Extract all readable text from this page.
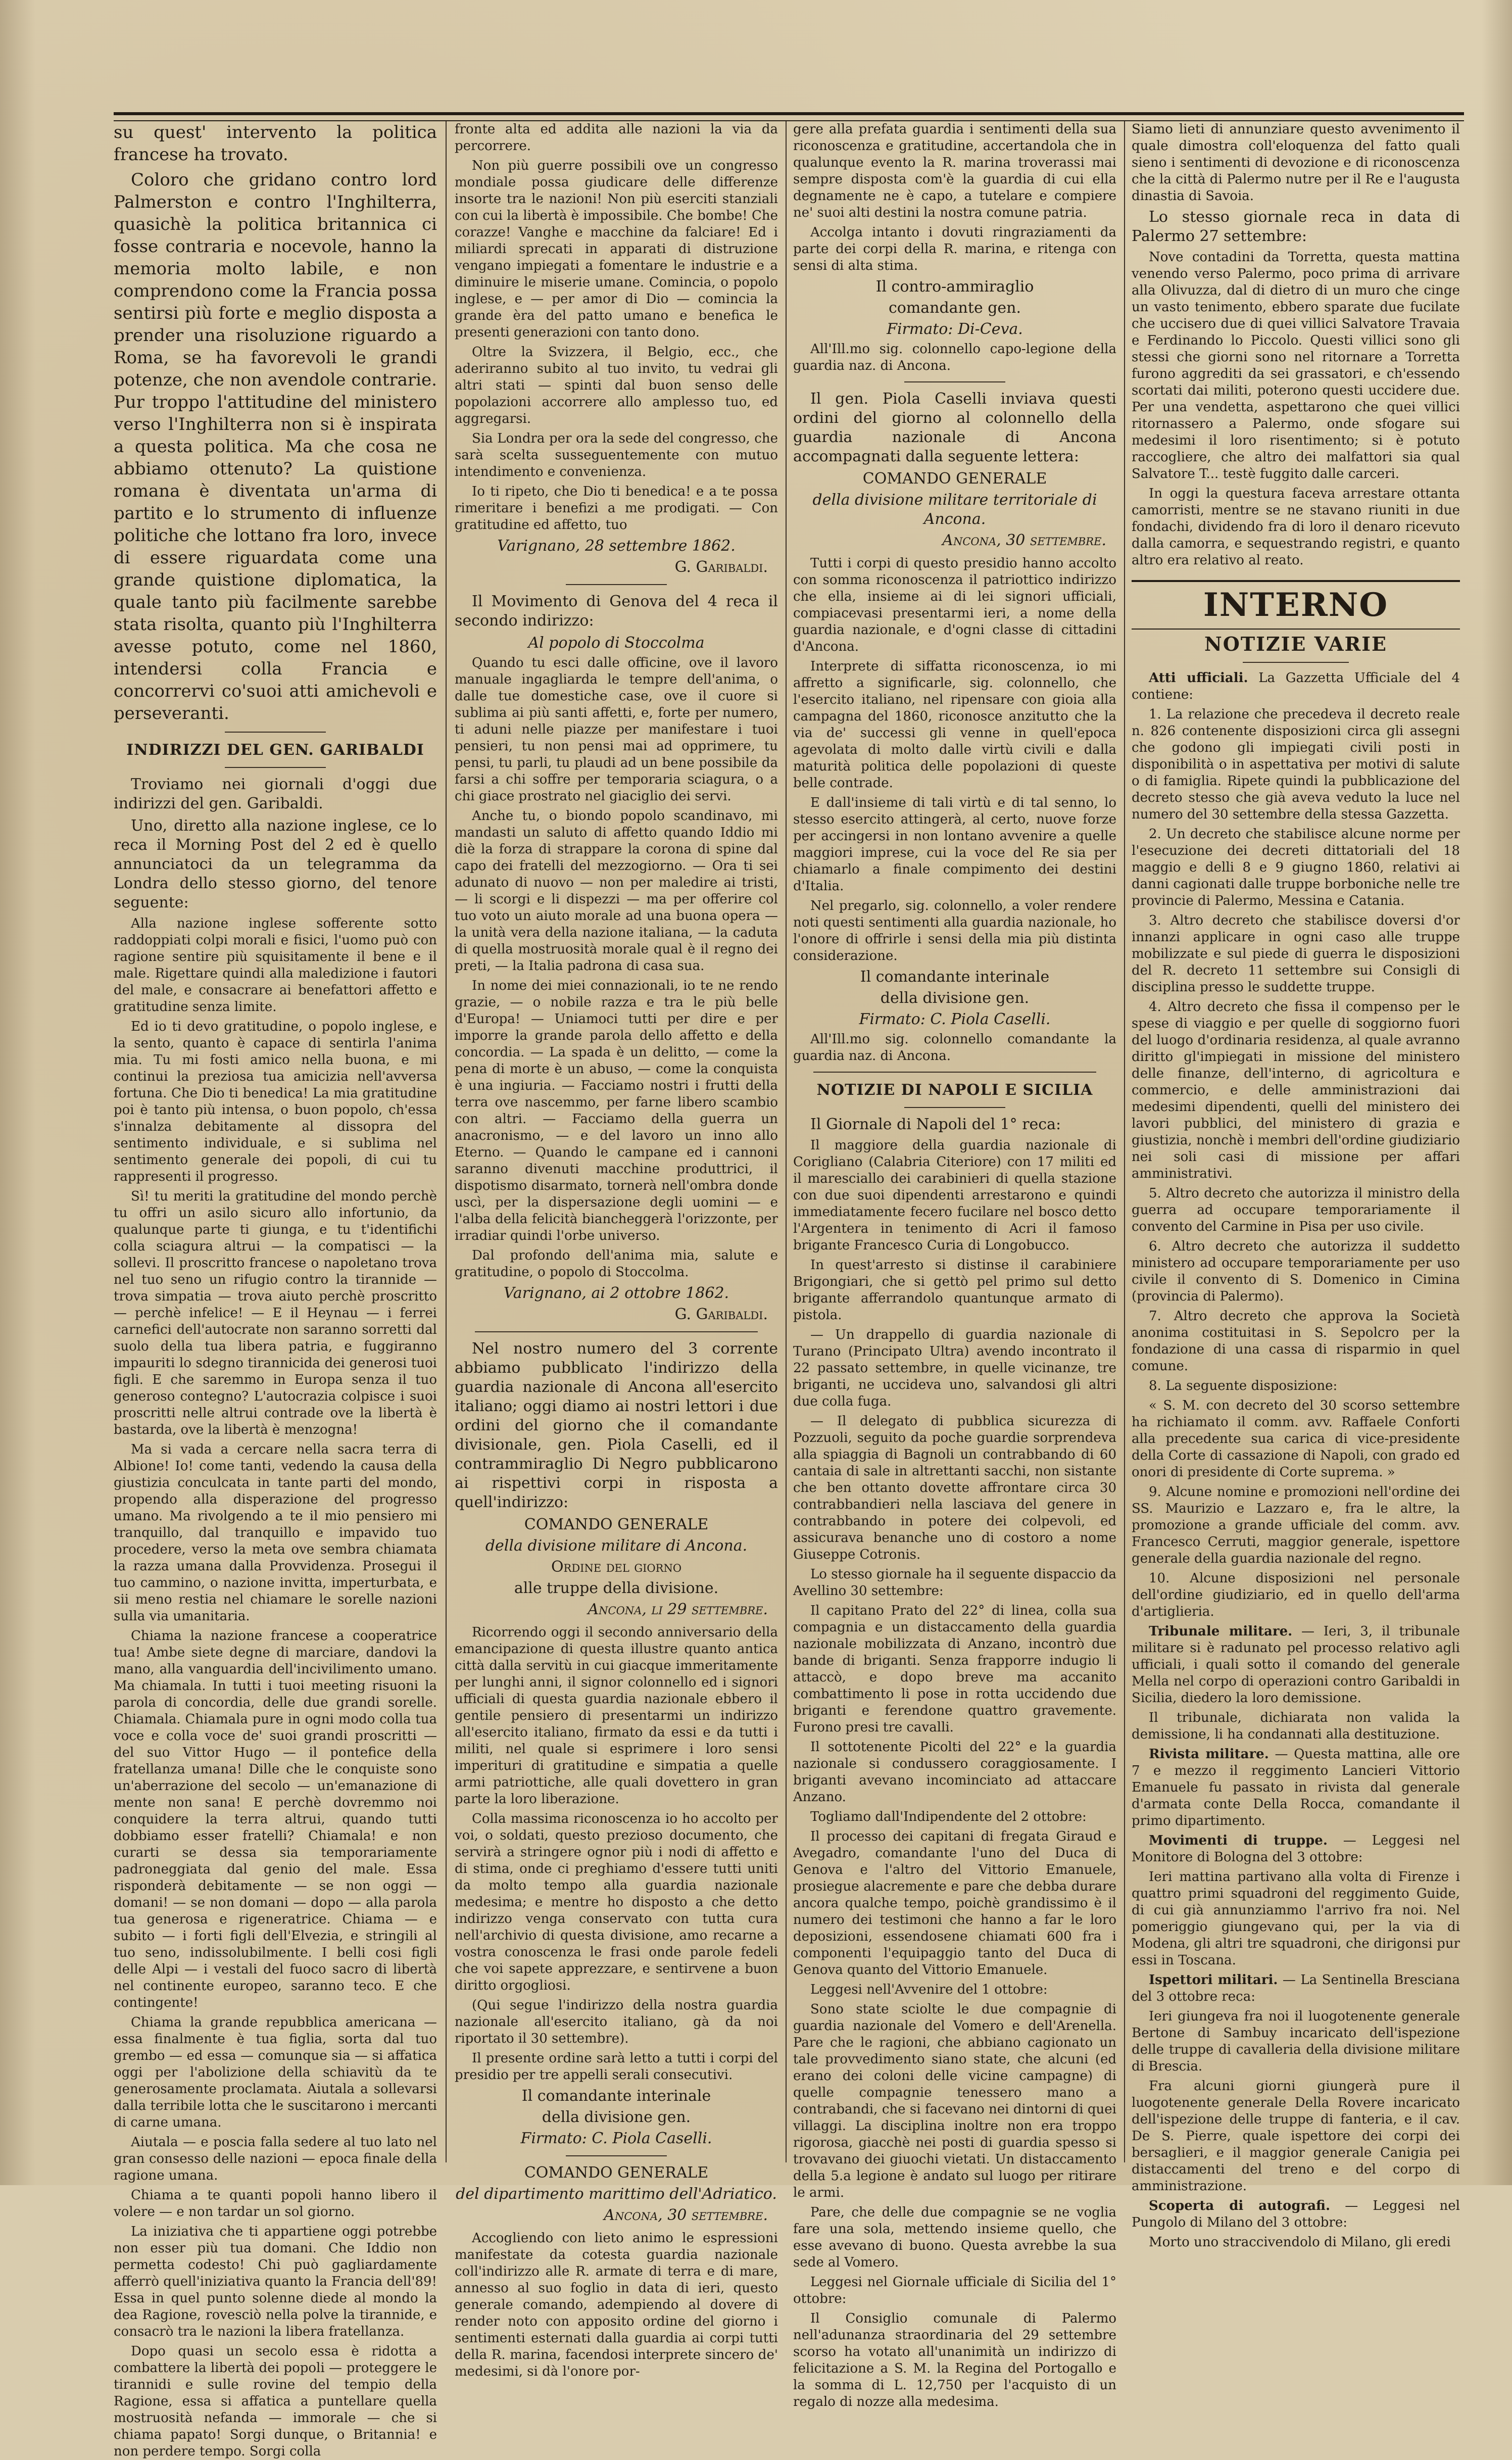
su quest' intervento la politica francese ha trovato.

Coloro che gridano contro lord Palmerston e contro l'Inghilterra, quasichè la politica britannica ci fosse contraria e nocevole, hanno la memoria molto labile, e non comprendono come la Francia possa sentirsi più forte e meglio disposta a prender una risoluzione riguardo a Roma, se ha favorevoli le grandi potenze, che non avendole contrarie. Pur troppo l'attitudine del ministero verso l'Inghilterra non si è inspirata a questa politica. Ma che cosa ne abbiamo ottenuto? La quistione romana è diventata un'arma di partito e lo strumento di influenze politiche che lottano fra loro, invece di essere riguardata come una grande quistione diplomatica, la quale tanto più facilmente sarebbe stata risolta, quanto più l'Inghilterra avesse potuto, come nel 1860, intendersi colla Francia e concorrervi co'suoi atti amichevoli e perseveranti.

INDIRIZZI DEL GEN. GARIBALDI

Troviamo nei giornali d'oggi due indirizzi del gen. Garibaldi.

Uno, diretto alla nazione inglese, ce lo reca il Morning Post del 2 ed è quello annunciatoci da un telegramma da Londra dello stesso giorno, del tenore seguente:

Alla nazione inglese sofferente sotto raddoppiati colpi morali e fisici, l'uomo può con ragione sentire più squisitamente il bene e il male. Rigettare quindi alla maledizione i fautori del male, e consacrare ai benefattori affetto e gratitudine senza limite.

Ed io ti devo gratitudine, o popolo inglese, e la sento, quanto è capace di sentirla l'anima mia. Tu mi fosti amico nella buona, e mi continui la preziosa tua amicizia nell'avversa fortuna. Che Dio ti benedica! La mia gratitudine poi è tanto più intensa, o buon popolo, ch'essa s'innalza debitamente al dissopra del sentimento individuale, e si sublima nel sentimento generale dei popoli, di cui tu rappresenti il progresso.

Sì! tu meriti la gratitudine del mondo perchè tu offri un asilo sicuro allo infortunio, da qualunque parte ti giunga, e tu t'identifichi colla sciagura altrui — la compatisci — la sollevi. Il proscritto francese o napoletano trova nel tuo seno un rifugio contro la tirannide — trova simpatia — trova aiuto perchè proscritto — perchè infelice! — E il Heynau — i ferrei carnefici dell'autocrate non saranno sorretti dal suolo della tua libera patria, e fuggiranno impauriti lo sdegno tirannicida dei generosi tuoi figli. E che saremmo in Europa senza il tuo generoso contegno? L'autocrazia colpisce i suoi proscritti nelle altrui contrade ove la libertà è bastarda, ove la libertà è menzogna!

Ma si vada a cercare nella sacra terra di Albione! Io! come tanti, vedendo la causa della giustizia conculcata in tante parti del mondo, propendo alla disperazione del progresso umano. Ma rivolgendo a te il mio pensiero mi tranquillo, dal tranquillo e impavido tuo procedere, verso la meta ove sembra chiamata la razza umana dalla Provvidenza. Prosegui il tuo cammino, o nazione invitta, imperturbata, e sii meno restia nel chiamare le sorelle nazioni sulla via umanitaria.

Chiama la nazione francese a cooperatrice tua! Ambe siete degne di marciare, dandovi la mano, alla vanguardia dell'incivilimento umano. Ma chiamala. In tutti i tuoi meeting risuoni la parola di concordia, delle due grandi sorelle. Chiamala. Chiamala pure in ogni modo colla tua voce e colla voce de' suoi grandi proscritti — del suo Vittor Hugo — il pontefice della fratellanza umana! Dille che le conquiste sono un'aberrazione del secolo — un'emanazione di mente non sana! E perchè dovremmo noi conquidere la terra altrui, quando tutti dobbiamo esser fratelli? Chiamala! e non curarti se dessa sia temporariamente padroneggiata dal genio del male. Essa risponderà debitamente — se non oggi — domani! — se non domani — dopo — alla parola tua generosa e rigeneratrice. Chiama — e subito — i forti figli dell'Elvezia, e stringili al tuo seno, indissolubilmente. I belli cosi figli delle Alpi — i vestali del fuoco sacro di libertà nel continente europeo, saranno teco. E che contingente!

Chiama la grande repubblica americana — essa finalmente è tua figlia, sorta dal tuo grembo — ed essa — comunque sia — si affatica oggi per l'abolizione della schiavitù da te generosamente proclamata. Aiutala a sollevarsi dalla terribile lotta che le suscitarono i mercanti di carne umana.

Aiutala — e poscia falla sedere al tuo lato nel gran consesso delle nazioni — epoca finale della ragione umana.

Chiama a te quanti popoli hanno libero il volere — e non tardar un sol giorno.

La iniziativa che ti appartiene oggi potrebbe non esser più tua domani. Che Iddio non permetta codesto! Chi può gagliardamente afferrò quell'iniziativa quanto la Francia dell'89! Essa in quel punto solenne diede al mondo la dea Ragione, rovesciò nella polve la tirannide, e consacrò tra le nazioni la libera fratellanza.

Dopo quasi un secolo essa è ridotta a combattere la libertà dei popoli — proteggere le tirannidi e sulle rovine del tempio della Ragione, essa si affatica a puntellare quella mostruosità nefanda — immorale — che si chiama papato! Sorgi dunque, o Britannia! e non perdere tempo. Sorgi colla

fronte alta ed addita alle nazioni la via da percorrere.

Non più guerre possibili ove un congresso mondiale possa giudicare delle differenze insorte tra le nazioni! Non più eserciti stanziali con cui la libertà è impossibile. Che bombe! Che corazze! Vanghe e macchine da falciare! Ed i miliardi sprecati in apparati di distruzione vengano impiegati a fomentare le industrie e a diminuire le miserie umane. Comincia, o popolo inglese, e — per amor di Dio — comincia la grande èra del patto umano e benefica le presenti generazioni con tanto dono.

Oltre la Svizzera, il Belgio, ecc., che aderiranno subito al tuo invito, tu vedrai gli altri stati — spinti dal buon senso delle popolazioni accorrere allo amplesso tuo, ed aggregarsi.

Sia Londra per ora la sede del congresso, che sarà scelta susseguentemente con mutuo intendimento e convenienza.

Io ti ripeto, che Dio ti benedica! e a te possa rimeritare i benefizi a me prodigati. — Con gratitudine ed affetto, tuo

Varignano, 28 settembre 1862.
G. Garibaldi.

Il Movimento di Genova del 4 reca il secondo indirizzo:

Al popolo di Stoccolma

Quando tu esci dalle officine, ove il lavoro manuale ingagliarda le tempre dell'anima, o dalle tue domestiche case, ove il cuore si sublima ai più santi affetti, e, forte per numero, ti aduni nelle piazze per manifestare i tuoi pensieri, tu non pensi mai ad opprimere, tu pensi, tu parli, tu plaudi ad un bene possibile da farsi a chi soffre per temporaria sciagura, o a chi giace prostrato nel giaciglio dei servi.

Anche tu, o biondo popolo scandinavo, mi mandasti un saluto di affetto quando Iddio mi diè la forza di strappare la corona di spine dal capo dei fratelli del mezzogiorno. — Ora ti sei adunato di nuovo — non per maledire ai tristi, — li scorgi e li dispezzi — ma per offerire col tuo voto un aiuto morale ad una buona opera — la unità vera della nazione italiana, — la caduta di quella mostruosità morale qual è il regno dei preti, — la Italia padrona di casa sua.

In nome dei miei connazionali, io te ne rendo grazie, — o nobile razza e tra le più belle d'Europa! — Uniamoci tutti per dire e per imporre la grande parola dello affetto e della concordia. — La spada è un delitto, — come la pena di morte è un abuso, — come la conquista è una ingiuria. — Facciamo nostri i frutti della terra ove nascemmo, per farne libero scambio con altri. — Facciamo della guerra un anacronismo, — e del lavoro un inno allo Eterno. — Quando le campane ed i cannoni saranno divenuti macchine produttrici, il dispotismo disarmato, tornerà nell'ombra donde uscì, per la dispersazione degli uomini — e l'alba della felicità biancheggerà l'orizzonte, per irradiar quindi l'orbe universo.

Dal profondo dell'anima mia, salute e gratitudine, o popolo di Stoccolma.

Varignano, ai 2 ottobre 1862.
G. Garibaldi.

Nel nostro numero del 3 corrente abbiamo pubblicato l'indirizzo della guardia nazionale di Ancona all'esercito italiano; oggi diamo ai nostri lettori i due ordini del giorno che il comandante divisionale, gen. Piola Caselli, ed il contrammiraglio Di Negro pubblicarono ai rispettivi corpi in risposta a quell'indirizzo:

COMANDO GENERALE
della divisione militare di Ancona.
Ordine del giorno
alle truppe della divisione.
Ancona, li 29 settembre.

Ricorrendo oggi il secondo anniversario della emancipazione di questa illustre quanto antica città dalla servitù in cui giacque immeritamente per lunghi anni, il signor colonnello ed i signori ufficiali di questa guardia nazionale ebbero il gentile pensiero di presentarmi un indirizzo all'esercito italiano, firmato da essi e da tutti i militi, nel quale si esprimere i loro sensi imperituri di gratitudine e simpatia a quelle armi patriottiche, alle quali dovettero in gran parte la loro liberazione.

Colla massima riconoscenza io ho accolto per voi, o soldati, questo prezioso documento, che servirà a stringere ognor più i nodi di affetto e di stima, onde ci preghiamo d'essere tutti uniti da molto tempo alla guardia nazionale medesima; e mentre ho disposto a che detto indirizzo venga conservato con tutta cura nell'archivio di questa divisione, amo recarne a vostra conoscenza le frasi onde parole fedeli che voi sapete apprezzare, e sentirvene a buon diritto orgogliosi.

(Qui segue l'indirizzo della nostra guardia nazionale all'esercito italiano, gà da noi riportato il 30 settembre).

Il presente ordine sarà letto a tutti i corpi del presidio per tre appelli serali consecutivi.

Il comandante interinale
della divisione gen.
Firmato: C. Piola Caselli.
COMANDO GENERALE
del dipartimento marittimo dell'Adriatico.
Ancona, 30 settembre.

Accogliendo con lieto animo le espressioni manifestate da cotesta guardia nazionale coll'indirizzo alle R. armate di terra e di mare, annesso al suo foglio in data di ieri, questo generale comando, adempiendo al dovere di render noto con apposito ordine del giorno i sentimenti esternati dalla guardia ai corpi tutti della R. marina, facendosi interprete sincero de' medesimi, si dà l'onore por-

gere alla prefata guardia i sentimenti della sua riconoscenza e gratitudine, accertandola che in qualunque evento la R. marina troverassi mai sempre disposta com'è la guardia di cui ella degnamente ne è capo, a tutelare e compiere ne' suoi alti destini la nostra comune patria.

Accolga intanto i dovuti ringraziamenti da parte dei corpi della R. marina, e ritenga con sensi di alta stima.

Il contro-ammiraglio
comandante gen.
Firmato: Di-Ceva.

All'Ill.mo sig. colonnello capo-legione della guardia naz. di Ancona.

Il gen. Piola Caselli inviava questi ordini del giorno al colonnello della guardia nazionale di Ancona accompagnati dalla seguente lettera:

COMANDO GENERALE
della divisione militare territoriale di Ancona.
Ancona, 30 settembre.

Tutti i corpi di questo presidio hanno accolto con somma riconoscenza il patriottico indirizzo che ella, insieme ai di lei signori ufficiali, compiacevasi presentarmi ieri, a nome della guardia nazionale, e d'ogni classe di cittadini d'Ancona.

Interprete di siffatta riconoscenza, io mi affretto a significarle, sig. colonnello, che l'esercito italiano, nel ripensare con gioia alla campagna del 1860, riconosce anzitutto che la via de' successi gli venne in quell'epoca agevolata di molto dalle virtù civili e dalla maturità politica delle popolazioni di queste belle contrade.

E dall'insieme di tali virtù e di tal senno, lo stesso esercito attingerà, al certo, nuove forze per accingersi in non lontano avvenire a quelle maggiori imprese, cui la voce del Re sia per chiamarlo a finale compimento dei destini d'Italia.

Nel pregarlo, sig. colonnello, a voler rendere noti questi sentimenti alla guardia nazionale, ho l'onore di offrirle i sensi della mia più distinta considerazione.

Il comandante interinale
della divisione gen.
Firmato: C. Piola Caselli.

All'Ill.mo sig. colonnello comandante la guardia naz. di Ancona.

NOTIZIE DI NAPOLI E SICILIA

Il Giornale di Napoli del 1° reca:

Il maggiore della guardia nazionale di Corigliano (Calabria Citeriore) con 17 militi ed il maresciallo dei carabinieri di quella stazione con due suoi dipendenti arrestarono e quindi immediatamente fecero fucilare nel bosco detto l'Argentera in tenimento di Acri il famoso brigante Francesco Curia di Longobucco.

In quest'arresto si distinse il carabiniere Brigongiari, che si gettò pel primo sul detto brigante afferrandolo quantunque armato di pistola.

— Un drappello di guardia nazionale di Turano (Principato Ultra) avendo incontrato il 22 passato settembre, in quelle vicinanze, tre briganti, ne uccideva uno, salvandosi gli altri due colla fuga.

— Il delegato di pubblica sicurezza di Pozzuoli, seguito da poche guardie sorprendeva alla spiaggia di Bagnoli un contrabbando di 60 cantaia di sale in altrettanti sacchi, non sistante che ben ottanto dovette affrontare circa 30 contrabbandieri nella lasciava del genere in contrabbando in potere dei colpevoli, ed assicurava benanche uno di costoro a nome Giuseppe Cotronis.

Lo stesso giornale ha il seguente dispaccio da Avellino 30 settembre:

Il capitano Prato del 22° di linea, colla sua compagnia e un distaccamento della guardia nazionale mobilizzata di Anzano, incontrò due bande di briganti. Senza frapporre indugio li attaccò, e dopo breve ma accanito combattimento li pose in rotta uccidendo due briganti e ferendone quattro gravemente. Furono presi tre cavalli.

Il sottotenente Picolti del 22° e la guardia nazionale si condussero coraggiosamente. I briganti avevano incominciato ad attaccare Anzano.

Togliamo dall'Indipendente del 2 ottobre:

Il processo dei capitani di fregata Giraud e Avegadro, comandante l'uno del Duca di Genova e l'altro del Vittorio Emanuele, prosiegue alacremente e pare che debba durare ancora qualche tempo, poichè grandissimo è il numero dei testimoni che hanno a far le loro deposizioni, essendosene chiamati 600 fra i componenti l'equipaggio tanto del Duca di Genova quanto del Vittorio Emanuele.

Leggesi nell'Avvenire del 1 ottobre:

Sono state sciolte le due compagnie di guardia nazionale del Vomero e dell'Arenella. Pare che le ragioni, che abbiano cagionato un tale provvedimento siano state, che alcuni (ed erano dei coloni delle vicine campagne) di quelle compagnie tenessero mano a contrabandi, che si facevano nei dintorni di quei villaggi. La disciplina inoltre non era troppo rigorosa, giacchè nei posti di guardia spesso si trovavano dei giuochi vietati. Un distaccamento della 5.a legione è andato sul luogo per ritirare le armi.

Pare, che delle due compagnie se ne voglia fare una sola, mettendo insieme quello, che esse avevano di buono. Questa avrebbe la sua sede al Vomero.

Leggesi nel Giornale ufficiale di Sicilia del 1° ottobre:

Il Consiglio comunale di Palermo nell'adunanza straordinaria del 29 settembre scorso ha votato all'unanimità un indirizzo di felicitazione a S. M. la Regina del Portogallo e la somma di L. 12,750 per l'acquisto di un regalo di nozze alla medesima.

Siamo lieti di annunziare questo avvenimento il quale dimostra coll'eloquenza del fatto quali sieno i sentimenti di devozione e di riconoscenza che la città di Palermo nutre per il Re e l'augusta dinastia di Savoia.

Lo stesso giornale reca in data di Palermo 27 settembre:

Nove contadini da Torretta, questa mattina venendo verso Palermo, poco prima di arrivare alla Olivuzza, dal di dietro di un muro che cinge un vasto tenimento, ebbero sparate due fucilate che uccisero due di quei villici Salvatore Travaia e Ferdinando lo Piccolo. Questi villici sono gli stessi che giorni sono nel ritornare a Torretta furono aggrediti da sei grassatori, e ch'essendo scortati dai militi, poterono questi uccidere due. Per una vendetta, aspettarono che quei villici ritornassero a Palermo, onde sfogare sui medesimi il loro risentimento; si è potuto raccogliere, che altro dei malfattori sia qual Salvatore T... testè fuggito dalle carceri.

In oggi la questura faceva arrestare ottanta camorristi, mentre se ne stavano riuniti in due fondachi, dividendo fra di loro il denaro ricevuto dalla camorra, e sequestrando registri, e quanto altro era relativo al reato.

INTERNO
NOTIZIE VARIE

Atti ufficiali. La Gazzetta Ufficiale del 4 contiene:

1. La relazione che precedeva il decreto reale n. 826 contenente disposizioni circa gli assegni che godono gli impiegati civili posti in disponibilità o in aspettativa per motivi di salute o di famiglia. Ripete quindi la pubblicazione del decreto stesso che già aveva veduto la luce nel numero del 30 settembre della stessa Gazzetta.

2. Un decreto che stabilisce alcune norme per l'esecuzione dei decreti dittatoriali del 18 maggio e delli 8 e 9 giugno 1860, relativi ai danni cagionati dalle truppe borboniche nelle tre provincie di Palermo, Messina e Catania.

3. Altro decreto che stabilisce doversi d'or innanzi applicare in ogni caso alle truppe mobilizzate e sul piede di guerra le disposizioni del R. decreto 11 settembre sui Consigli di disciplina presso le suddette truppe.

4. Altro decreto che fissa il compenso per le spese di viaggio e per quelle di soggiorno fuori del luogo d'ordinaria residenza, al quale avranno diritto gl'impiegati in missione del ministero delle finanze, dell'interno, di agricoltura e commercio, e delle amministrazioni dai medesimi dipendenti, quelli del ministero dei lavori pubblici, del ministero di grazia e giustizia, nonchè i membri dell'ordine giudiziario nei soli casi di missione per affari amministrativi.

5. Altro decreto che autorizza il ministro della guerra ad occupare temporariamente il convento del Carmine in Pisa per uso civile.

6. Altro decreto che autorizza il suddetto ministero ad occupare temporariamente per uso civile il convento di S. Domenico in Cimina (provincia di Palermo).

7. Altro decreto che approva la Società anonima costituitasi in S. Sepolcro per la fondazione di una cassa di risparmio in quel comune.

8. La seguente disposizione:

« S. M. con decreto del 30 scorso settembre ha richiamato il comm. avv. Raffaele Conforti alla precedente sua carica di vice-presidente della Corte di cassazione di Napoli, con grado ed onori di presidente di Corte suprema. »

9. Alcune nomine e promozioni nell'ordine dei SS. Maurizio e Lazzaro e, fra le altre, la promozione a grande ufficiale del comm. avv. Francesco Cerruti, maggior generale, ispettore generale della guardia nazionale del regno.

10. Alcune disposizioni nel personale dell'ordine giudiziario, ed in quello dell'arma d'artiglieria.

Tribunale militare. — Ieri, 3, il tribunale militare si è radunato pel processo relativo agli ufficiali, i quali sotto il comando del generale Mella nel corpo di operazioni contro Garibaldi in Sicilia, diedero la loro demissione.

Il tribunale, dichiarata non valida la demissione, li ha condannati alla destituzione.

Rivista militare. — Questa mattina, alle ore 7 e mezzo il reggimento Lancieri Vittorio Emanuele fu passato in rivista dal generale d'armata conte Della Rocca, comandante il primo dipartimento.

Movimenti di truppe. — Leggesi nel Monitore di Bologna del 3 ottobre:

Ieri mattina partivano alla volta di Firenze i quattro primi squadroni del reggimento Guide, di cui già annunziammo l'arrivo fra noi. Nel pomeriggio giungevano qui, per la via di Modena, gli altri tre squadroni, che dirigonsi pur essi in Toscana.

Ispettori militari. — La Sentinella Bresciana del 3 ottobre reca:

Ieri giungeva fra noi il luogotenente generale Bertone di Sambuy incaricato dell'ispezione delle truppe di cavalleria della divisione militare di Brescia.

Fra alcuni giorni giungerà pure il luogotenente generale Della Rovere incaricato dell'ispezione delle truppe di fanteria, e il cav. De S. Pierre, quale ispettore dei corpi dei bersaglieri, e il maggior generale Canigia pei distaccamenti del treno e del corpo di amministrazione.

Scoperta di autografi. — Leggesi nel Pungolo di Milano del 3 ottobre:

Morto uno straccivendolo di Milano, gli eredi
